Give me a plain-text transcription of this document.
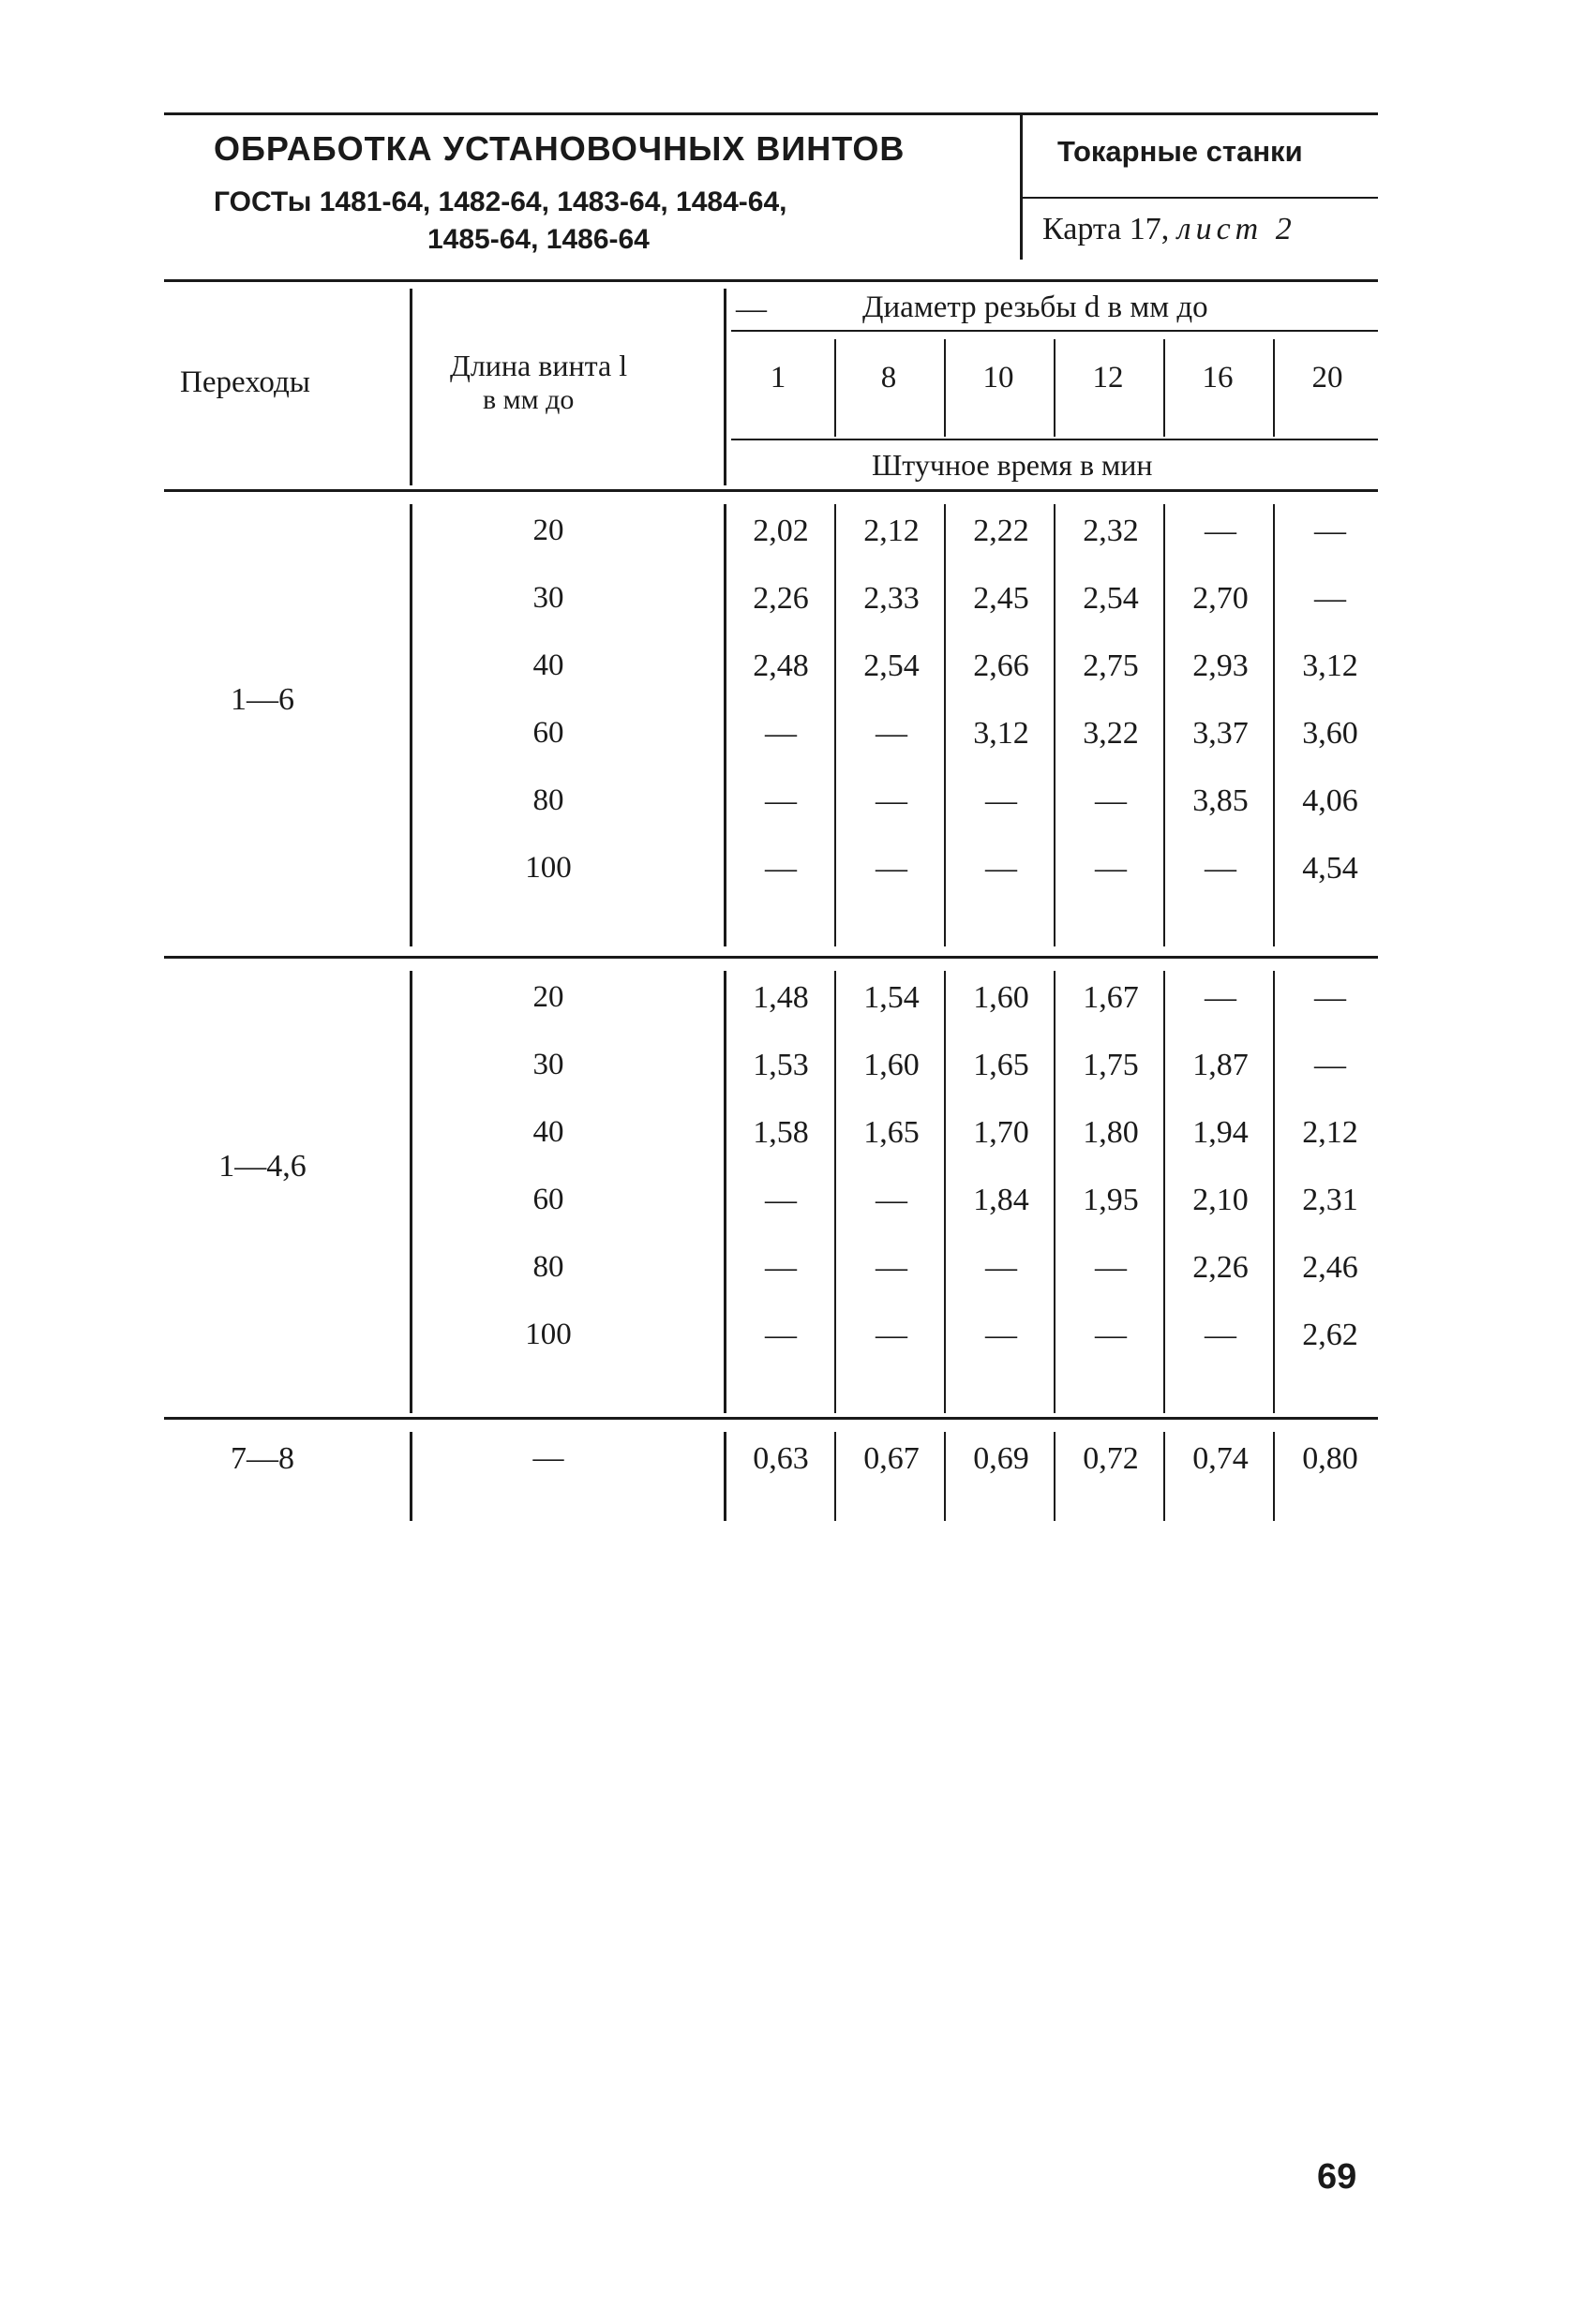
ОБРАБОТКА УСТАНОВОЧНЫХ ВИНТОВ
ГОСТы 1481-64, 1482-64, 1483-64, 1484-64,
1485-64, 1486-64
Токарные станки
Карта 17, лист 2
Переходы	Длина винта l
в мм до
—	Диаметр резьбы d в мм до
1	8	10	12	16	20
Штучное время в мин
1—6
20	2,02	2,12	2,22	2,32	—	—
30	2,26	2,33	2,45	2,54	2,70	—
40	2,48	2,54	2,66	2,75	2,93	3,12
60	—	—	3,12	3,22	3,37	3,60
80	—	—	—	—	3,85	4,06
100	—	—	—	—	—	4,54
1—4,6
20	1,48	1,54	1,60	1,67	—	—
30	1,53	1,60	1,65	1,75	1,87	—
40	1,58	1,65	1,70	1,80	1,94	2,12
60	—	—	1,84	1,95	2,10	2,31
80	—	—	—	—	2,26	2,46
100	—	—	—	—	—	2,62
7—8	—	0,63	0,67	0,69	0,72	0,74	0,80
69
